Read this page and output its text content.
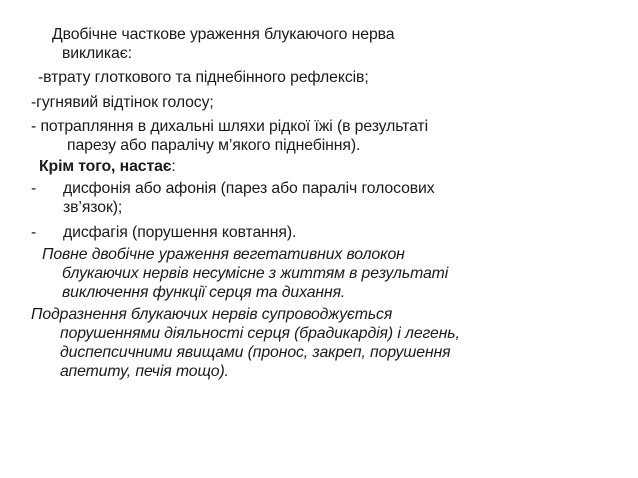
Двобічне часткове ураження блукаючого нерва
викликає:
-втрату глоткового та піднебінного рефлексів;
-гугнявий відтінок голосу;
- потрапляння в дихальні шляхи рідкої їжі (в результаті
парезу або паралічу м’якого піднебіння).
Крім того, настає:
-	дисфонія або афонія (парез або параліч голосових
зв’язок);
-	дисфагія (порушення ковтання).
Повне двобічне ураження вегетативних волокон
блукаючих нервів несумісне з життям в результаті
виключення функції серця та дихання.
Подразнення блукаючих нервів супроводжується
порушеннями діяльності серця (брадикардія) і легень,
диспепсичними явищами (пронос, закреп, порушення
апетиту, печія тощо).
